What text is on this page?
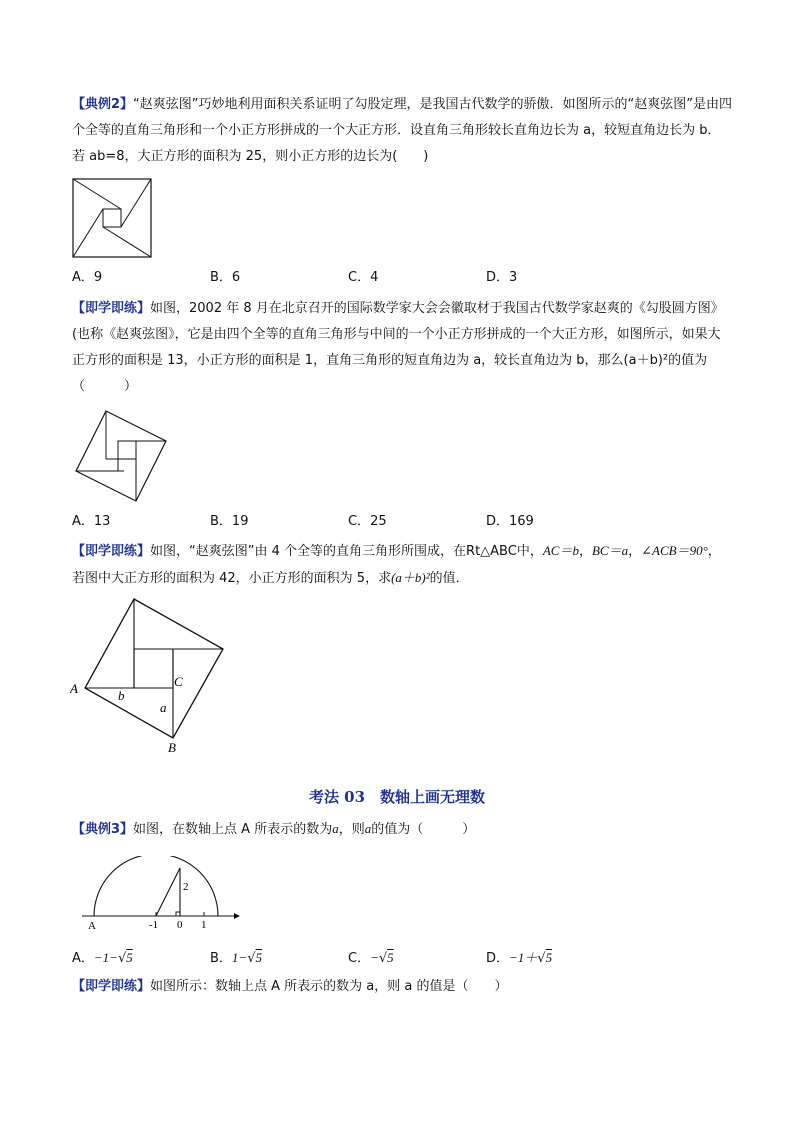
【典例2】“赵爽弦图”巧妙地利用面积关系证明了勾股定理，是我国古代数学的骄傲．如图所示的“赵爽弦图”是由四个全等的直角三角形和一个小正方形拼成的一个大正方形．设直角三角形较长直角边长为 a，较短直角边长为 b．若 ab=8，大正方形的面积为 25，则小正方形的边长为(　　)
A．9	B．6	C．4	D．3
【即学即练】如图，2002 年 8 月在北京召开的国际数学家大会会徽取材于我国古代数学家赵爽的《勾股圆方图》(也称《赵爽弦图》，它是由四个全等的直角三角形与中间的一个小正方形拼成的一个大正方形，如图所示，如果大正方形的面积是 13，小正方形的面积是 1，直角三角形的短直角边为 a，较长直角边为 b，那么(a＋b)²的值为（　　　）
A．13	B．19	C．25	D．169
【即学即练】如图，“赵爽弦图”由 4 个全等的直角三角形所围成，在Rt△ABC中，AC＝b，BC＝a，∠ACB＝90°，若图中大正方形的面积为 42，小正方形的面积为 5，求(a＋b)²的值．
A
B
C
a
b
考法 03　数轴上画无理数
【典例3】如图，在数轴上点 A 所表示的数为a，则a的值为（　　　）
A	-1 0 1
2
A．−1−√5	B．1−√5	C．−√5	D．−1＋√5
【即学即练】如图所示：数轴上点 A 所表示的数为 a，则 a 的值是（　　）
